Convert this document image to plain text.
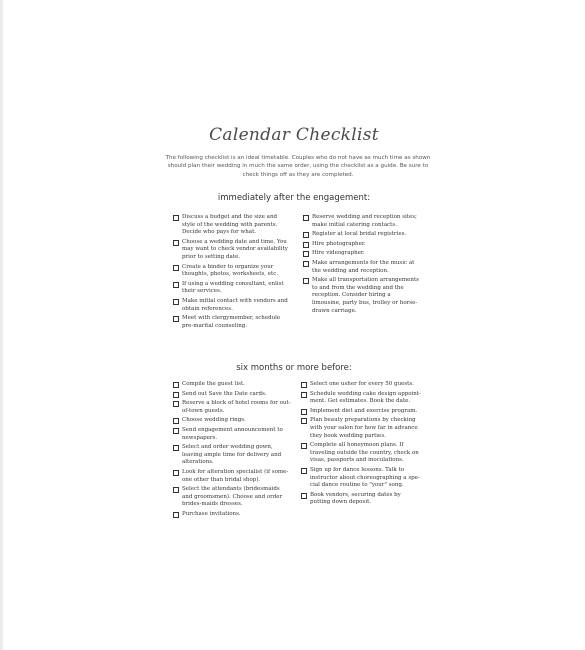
Calendar Checklist
The following checklist is an ideal timetable. Couples who do not have as much time as shown should plan their wedding in much the same order, using the checklist as a guide. Be sure to check things off as they are completed.
immediately after the engagement:
Discuss a budget and the size and style of the wedding with parents. Decide who pays for what.
Choose a wedding date and time. You may want to check vendor availability prior to setting date.
Create a binder to organize your thoughts, photos, worksheets, etc.
If using a wedding consultant, enlist their services.
Make initial contact with vendors and obtain references.
Meet with clergymember, schedule pre-marital counseling.
Reserve wedding and reception sites; make initial catering contacts.
Register at local bridal registries.
Hire photographer.
Hire videographer.
Make arrangements for the music at the wedding and reception.
Make all transportation arrangements to and from the wedding and the reception. Consider hiring a limousine, party bus, trolley or horse-drawn carriage.
six months or more before:
Compile the guest list.
Send out Save the Date cards.
Reserve a block of hotel rooms for out-of-town guests.
Choose wedding rings.
Send engagement announcement to newspapers.
Select and order wedding gown, leaving ample time for delivery and alterations.
Look for alteration specialist (if some-one other than bridal shop).
Select the attendants (bridesmaids and groomsmen). Choose and order brides-maids dresses.
Purchase invitations.
Select one usher for every 50 guests.
Schedule wedding cake design appoint-ment. Get estimates. Book the date.
Implement diet and exercise program.
Plan beauty preparations by checking with your salon for how far in advance they book wedding parties.
Complete all honeymoon plans. If traveling outside the country, check on visas, passports and inoculations.
Sign up for dance lessons. Talk to instructor about choreographing a spe-cial dance routine to "your" song.
Book vendors, securing dates by putting down deposit.
